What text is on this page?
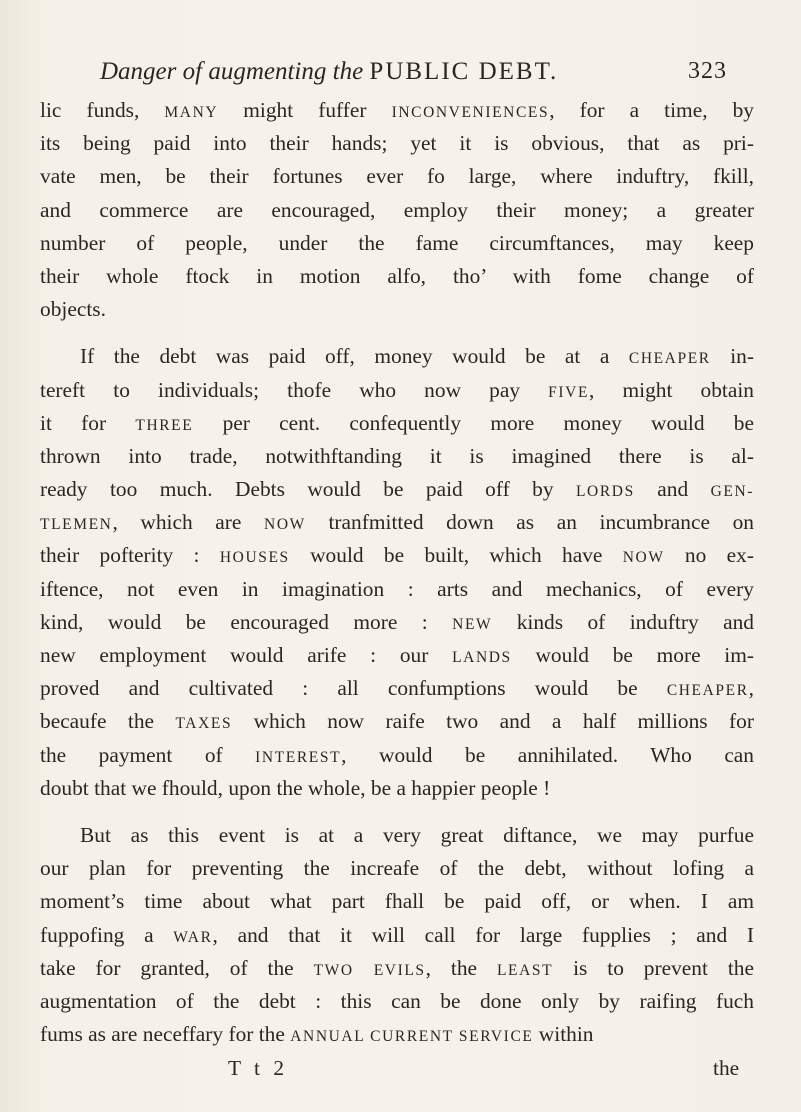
Danger of augmenting the PUBLIC DEBT.	323
lic funds, MANY might fuffer INCONVENIENCES, for a time, by
its being paid into their hands; yet it is obvious, that as pri-
vate men, be their fortunes ever fo large, where induftry, fkill,
and commerce are encouraged, employ their money; a greater
number of people, under the fame circumftances, may keep
their whole ftock in motion alfo, tho’ with fome change of
objects.
If the debt was paid off, money would be at a CHEAPER in-
tereft to individuals; thofe who now pay FIVE, might obtain
it for THREE per cent. confequently more money would be
thrown into trade, notwithftanding it is imagined there is al-
ready too much. Debts would be paid off by LORDS and GEN-
TLEMEN, which are NOW tranfmitted down as an incumbrance on
their pofterity : HOUSES would be built, which have NOW no ex-
iftence, not even in imagination : arts and mechanics, of every
kind, would be encouraged more : NEW kinds of induftry and
new employment would arife : our LANDS would be more im-
proved and cultivated : all confumptions would be CHEAPER,
becaufe the TAXES which now raife two and a half millions for
the payment of INTEREST, would be annihilated. Who can
doubt that we fhould, upon the whole, be a happier people !
But as this event is at a very great diftance, we may purfue
our plan for preventing the increafe of the debt, without lofing a
moment’s time about what part fhall be paid off, or when. I am
fuppofing a WAR, and that it will call for large fupplies ; and I
take for granted, of the TWO EVILS, the LEAST is to prevent the
augmentation of the debt : this can be done only by raifing fuch
fums as are neceffary for the ANNUAL CURRENT SERVICE within
T t 2	the
